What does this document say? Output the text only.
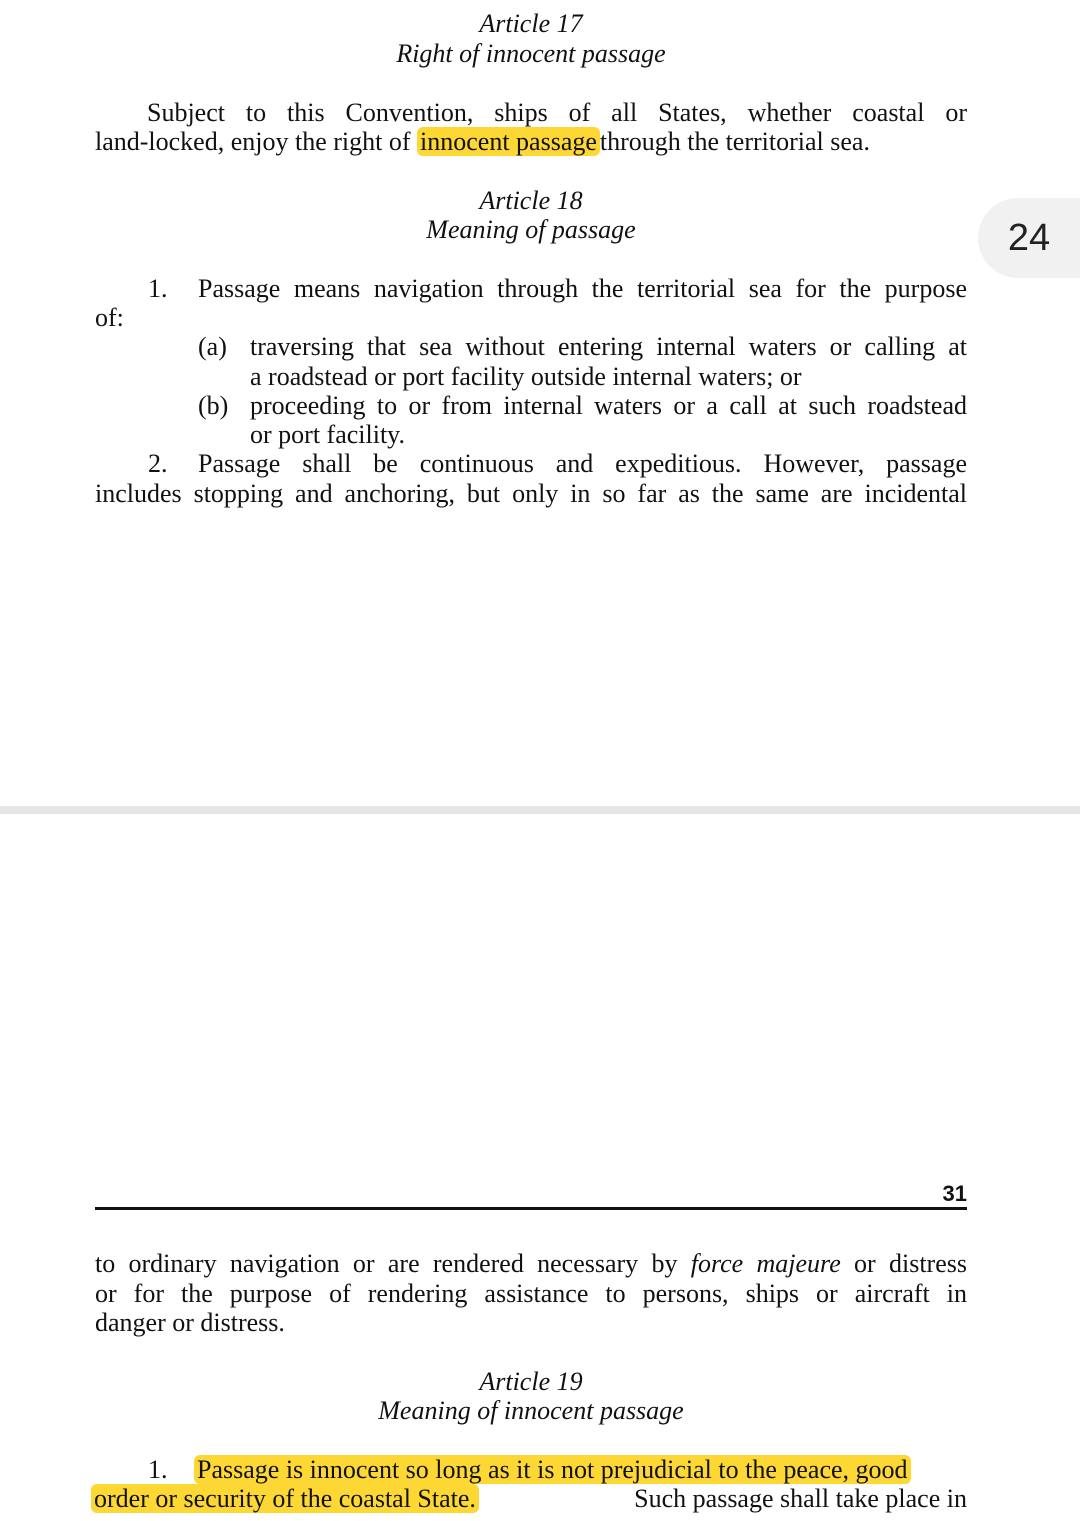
Article 17
Right of innocent passage
Subject to this Convention, ships of all States, whether coastal or
land-locked, enjoy the right of innocent passage through the territorial sea.
Article 18
Meaning of passage	24
1. Passage means navigation through the territorial sea for the purpose
of:
(a) traversing that sea without entering internal waters or calling at
a roadstead or port facility outside internal waters; or
(b) proceeding to or from internal waters or a call at such roadstead
or port facility.
2. Passage shall be continuous and expeditious. However, passage
includes stopping and anchoring, but only in so far as the same are incidental
31
to ordinary navigation or are rendered necessary by force majeure or distress
or for the purpose of rendering assistance to persons, ships or aircraft in
danger or distress.
Article 19
Meaning of innocent passage
1. Passage is innocent so long as it is not prejudicial to the peace, good
order or security of the coastal State.	Such passage shall take place in
